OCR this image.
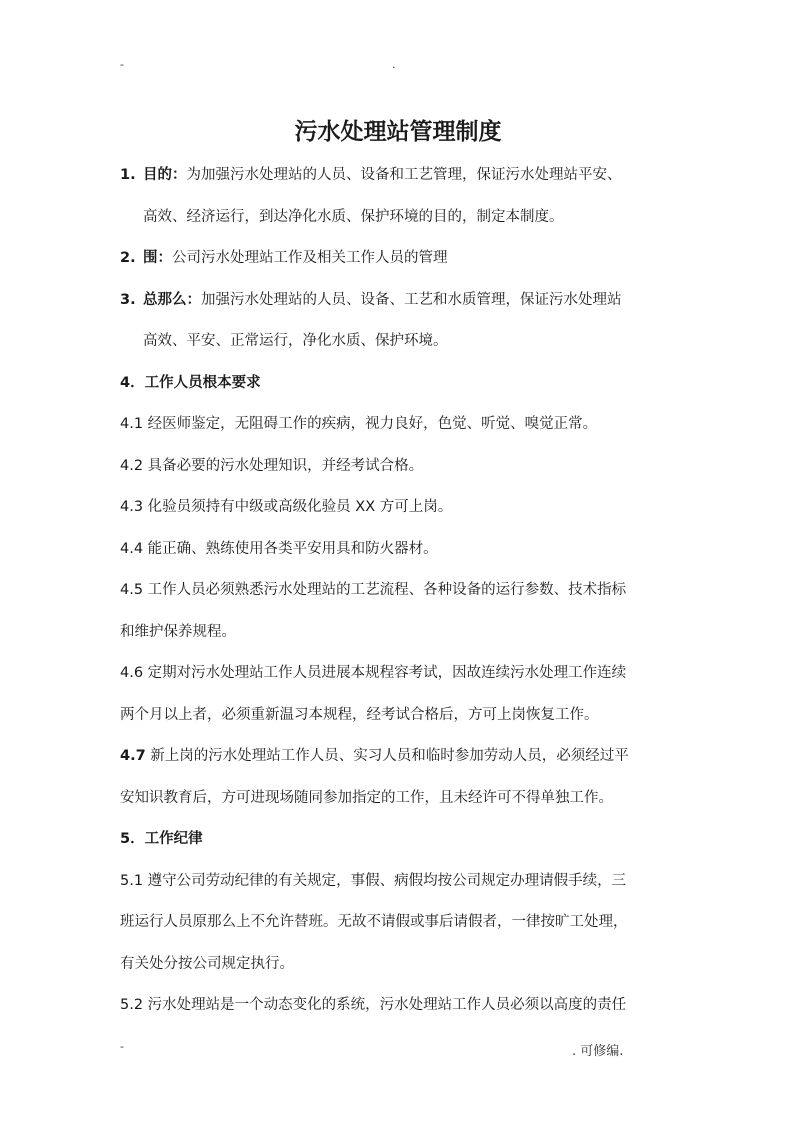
-	.
污水处理站管理制度
1. 目的：为加强污水处理站的人员、设备和工艺管理，保证污水处理站平安、
高效、经济运行，到达净化水质、保护环境的目的，制定本制度。
2. 围：公司污水处理站工作及相关工作人员的管理
3. 总那么：加强污水处理站的人员、设备、工艺和水质管理，保证污水处理站
高效、平安、正常运行，净化水质、保护环境。
4．工作人员根本要求
4.1 经医师鉴定，无阻碍工作的疾病，视力良好，色觉、听觉、嗅觉正常。
4.2 具备必要的污水处理知识，并经考试合格。
4.3 化验员须持有中级或高级化验员 XX 方可上岗。
4.4 能正确、熟练使用各类平安用具和防火器材。
4.5 工作人员必须熟悉污水处理站的工艺流程、各种设备的运行参数、技术指标
和维护保养规程。
4.6 定期对污水处理站工作人员进展本规程容考试，因故连续污水处理工作连续
两个月以上者，必须重新温习本规程，经考试合格后，方可上岗恢复工作。
4.7 新上岗的污水处理站工作人员、实习人员和临时参加劳动人员，必须经过平
安知识教育后，方可进现场随同参加指定的工作，且未经许可不得单独工作。
5．工作纪律
5.1 遵守公司劳动纪律的有关规定，事假、病假均按公司规定办理请假手续，三
班运行人员原那么上不允许替班。无故不请假或事后请假者，一律按旷工处理，
有关处分按公司规定执行。
5.2 污水处理站是一个动态变化的系统，污水处理站工作人员必须以高度的责任
-	. 可修编.
